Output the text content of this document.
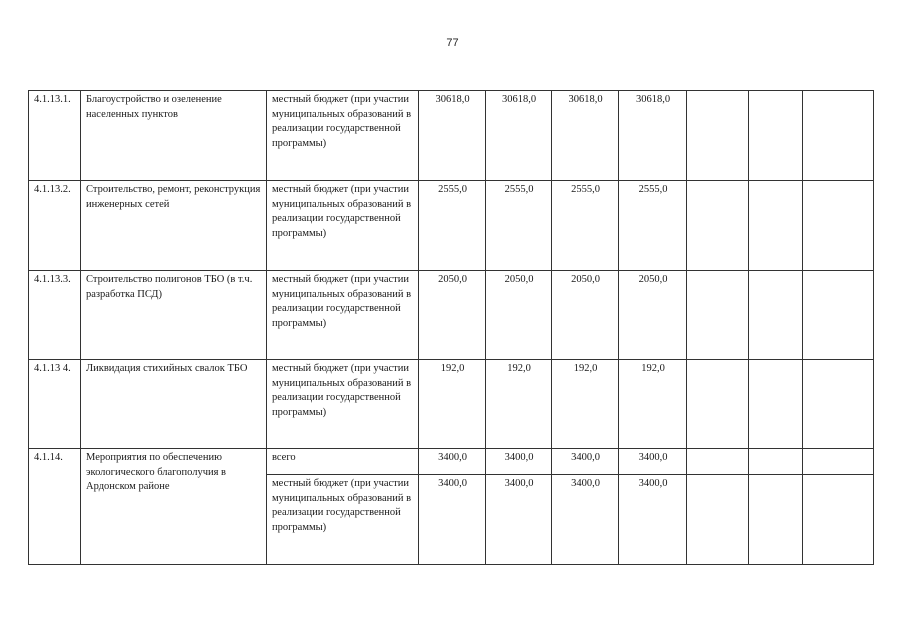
77
4.1.13.1.	Благоустройство и озеленение населенных пунктов	местный бюджет (при участии муниципальных образований в реализации государственной программы)	30618,0	30618,0	30618,0	30618,0			
4.1.13.2.	Строительство, ремонт, реконструкция инженерных сетей	местный бюджет (при участии муниципальных образований в реализации государственной программы)	2555,0	2555,0	2555,0	2555,0			
4.1.13.3.	Строительство полигонов ТБО (в т.ч. разработка ПСД)	местный бюджет (при участии муниципальных образований в реализации государственной программы)	2050,0	2050,0	2050,0	2050,0			
4.1.13 4.	Ликвидация стихийных свалок ТБО	местный бюджет (при участии муниципальных образований в реализации государственной программы)	192,0	192,0	192,0	192,0			
4.1.14.	Мероприятия по обеспечению экологического благополучия в Ардонском районе	всего	3400,0	3400,0	3400,0	3400,0			
		местный бюджет (при участии муниципальных образований в реализации государственной программы)	3400,0	3400,0	3400,0	3400,0			
